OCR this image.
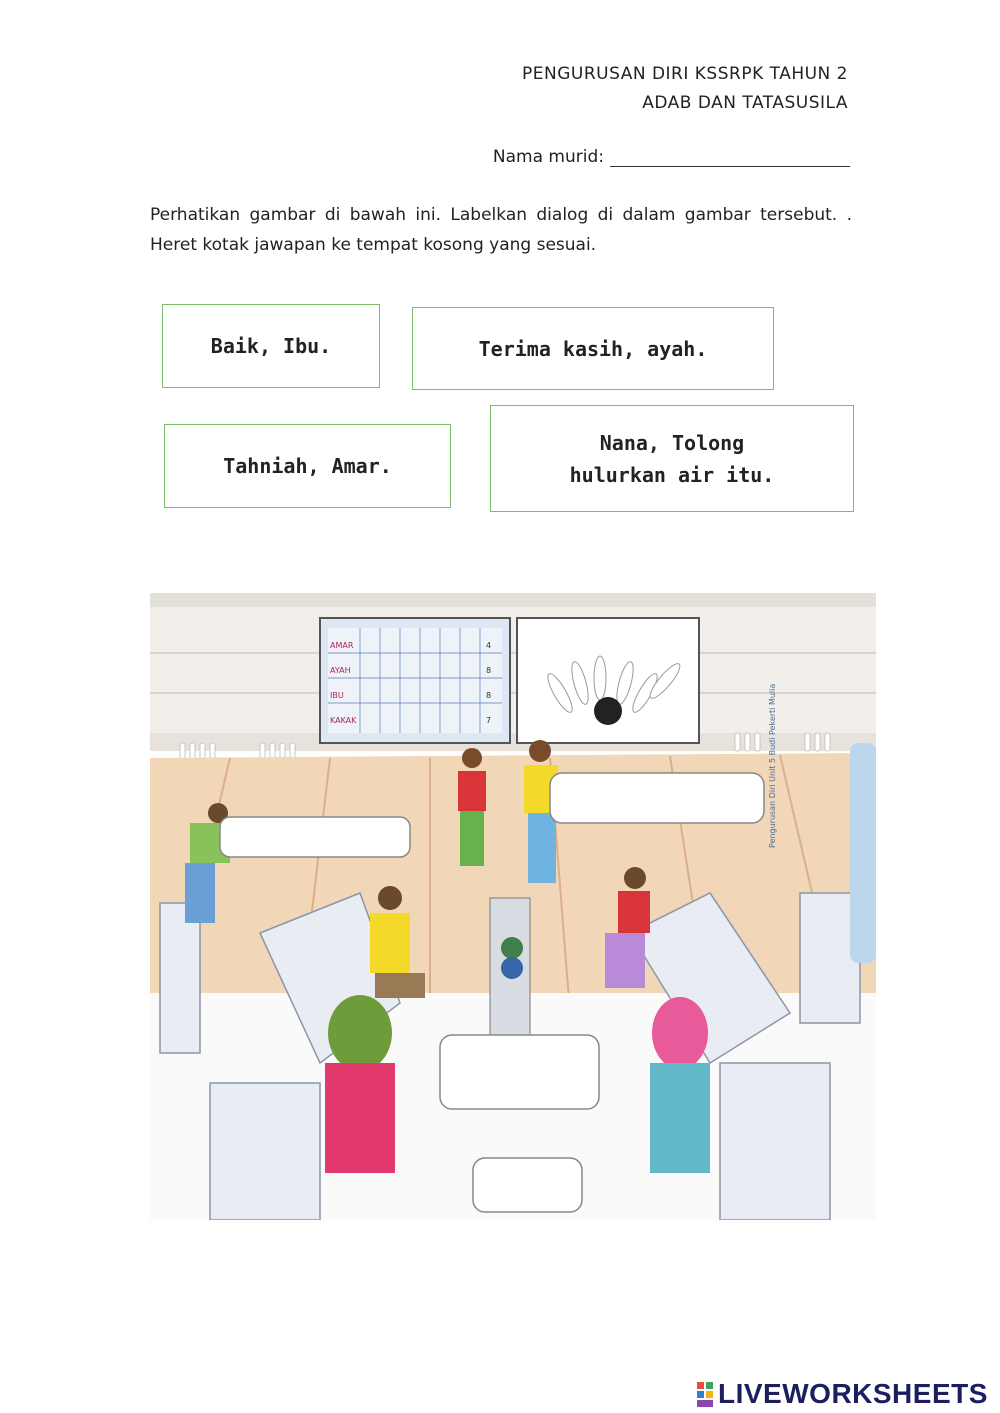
PENGURUSAN DIRI KSSRPK TAHUN 2
ADAB DAN TATASUSILA
Nama murid:
Perhatikan gambar di bawah ini. Labelkan dialog di dalam gambar tersebut. . Heret kotak jawapan ke tempat kosong yang sesuai.
Baik, Ibu.	Terima kasih, ayah.
Tahniah, Amar.
Nana, Tolong
hulurkan air itu.
AMAR
AYAH
IBU
KAKAK
4
8
8
7	Pengurusan Diri Unit 5 Budi Pekerti Mulia
LIVEWORKSHEETS
